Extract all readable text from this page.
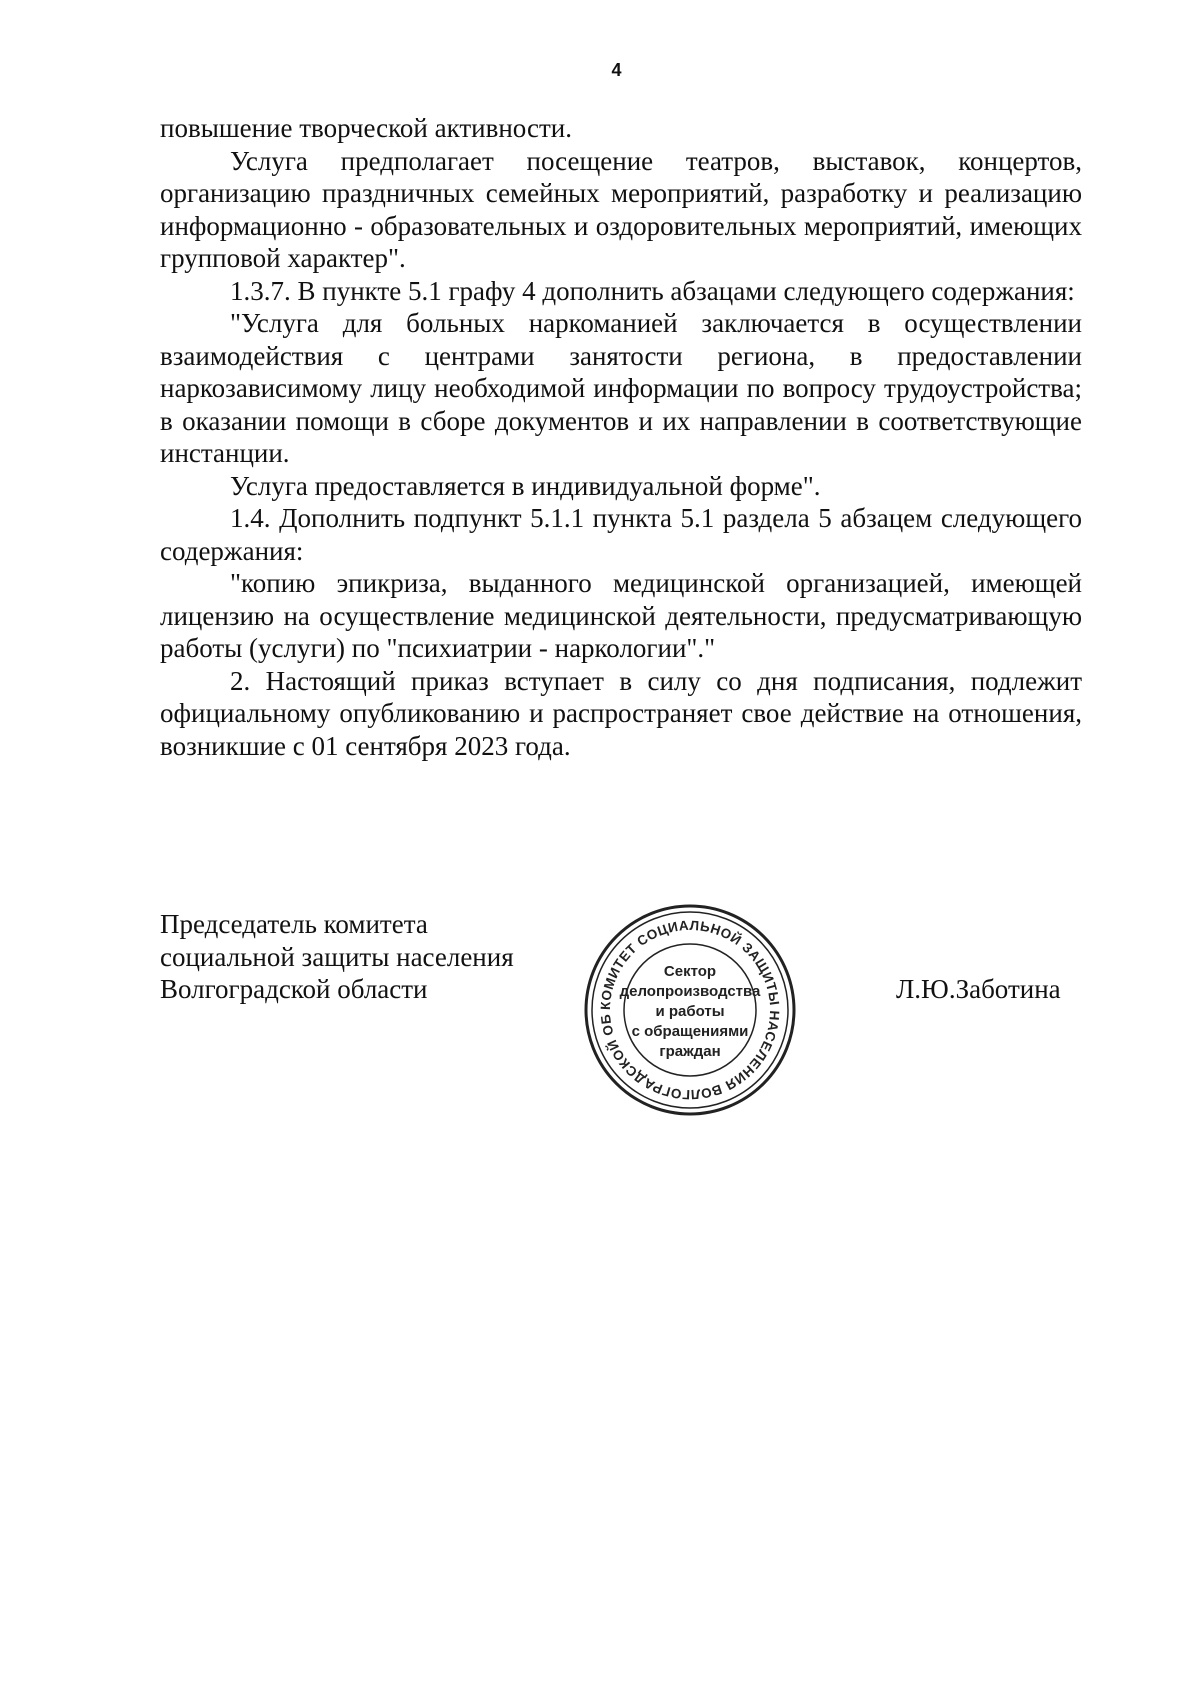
4

повышение творческой активности.

Услуга предполагает посещение театров, выставок, концертов, организацию праздничных семейных мероприятий, разработку и реализацию информационно - образовательных и оздоровительных мероприятий, имеющих групповой характер".

1.3.7. В пункте 5.1 графу 4 дополнить абзацами следующего содержания:

"Услуга для больных наркоманией заключается в осуществлении взаимодействия с центрами занятости региона, в предоставлении наркозависимому лицу необходимой информации по вопросу трудоустройства; в оказании помощи в сборе документов и их направлении в соответствующие инстанции.

Услуга предоставляется в индивидуальной форме".

1.4. Дополнить подпункт 5.1.1 пункта 5.1 раздела 5 абзацем следующего содержания:

"копию эпикриза, выданного медицинской организацией, имеющей лицензию на осуществление медицинской деятельности, предусматривающую работы (услуги) по "психиатрии - наркологии"."

2. Настоящий приказ вступает в силу со дня подписания, подлежит официальному опубликованию и распространяет свое действие на отношения, возникшие с 01 сентября 2023 года.

Председатель комитета
социальной защиты населения
Волгоградской области	Л.Ю.Заботина
КОМИТЕТ СОЦИАЛЬНОЙ ЗАЩИТЫ НАСЕЛЕНИЯ ВОЛГОГРАДСКОЙ ОБ
Сектор
делопроизводства
и работы
с обращениями
граждан
